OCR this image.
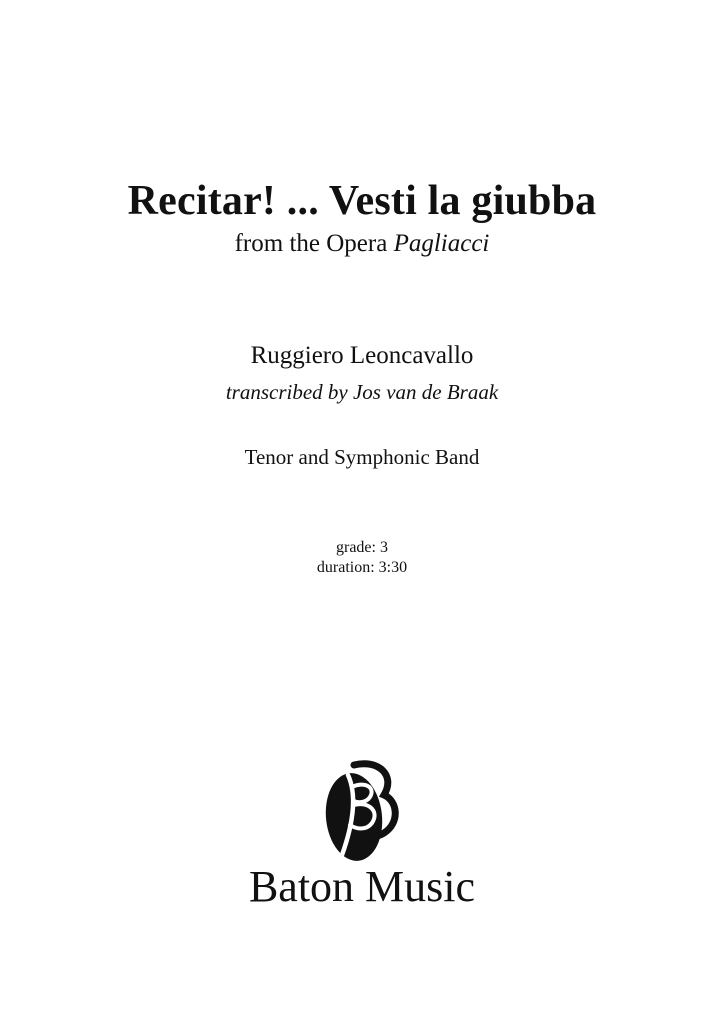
Recitar! ... Vesti la giubba
from the Opera Pagliacci
Ruggiero Leoncavallo
transcribed by Jos van de Braak
Tenor and Symphonic Band
grade: 3
duration: 3:30
Baton Music
